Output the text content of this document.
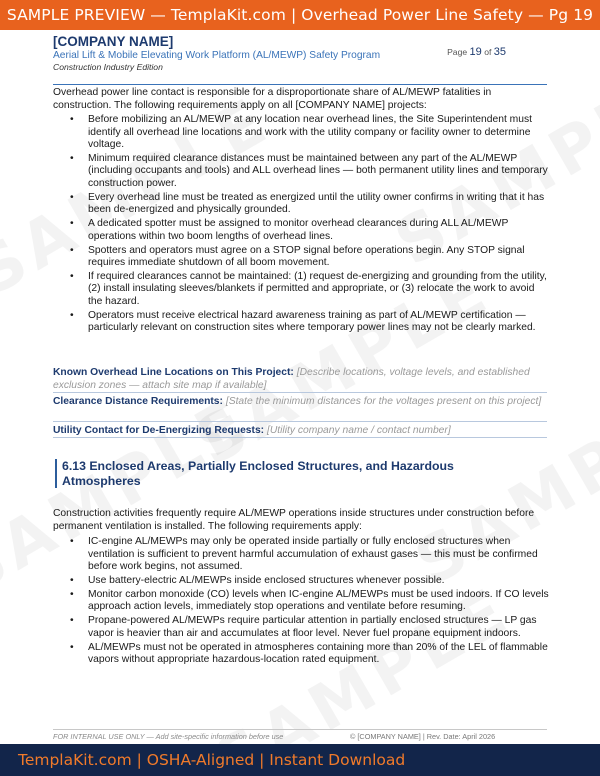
SAMPLE PREVIEW — TemplaKit.com | Overhead Power Line Safety — Pg 19
[COMPANY NAME]
Aerial Lift & Mobile Elevating Work Platform (AL/MEWP) Safety Program
Construction Industry Edition
Page 19 of 35
Overhead power line contact is responsible for a disproportionate share of AL/MEWP fatalities in construction. The following requirements apply on all [COMPANY NAME] projects:
• Before mobilizing an AL/MEWP at any location near overhead lines, the Site Superintendent must identify all overhead line locations and work with the utility company or facility owner to determine voltage.
• Minimum required clearance distances must be maintained between any part of the AL/MEWP (including occupants and tools) and ALL overhead lines — both permanent utility lines and temporary construction power.
• Every overhead line must be treated as energized until the utility owner confirms in writing that it has been de-energized and physically grounded.
• A dedicated spotter must be assigned to monitor overhead clearances during ALL AL/MEWP operations within two boom lengths of overhead lines.
• Spotters and operators must agree on a STOP signal before operations begin. Any STOP signal requires immediate shutdown of all boom movement.
• If required clearances cannot be maintained: (1) request de-energizing and grounding from the utility, (2) install insulating sleeves/blankets if permitted and appropriate, or (3) relocate the work to avoid the hazard.
• Operators must receive electrical hazard awareness training as part of AL/MEWP certification — particularly relevant on construction sites where temporary power lines may not be clearly marked.
Known Overhead Line Locations on This Project: [Describe locations, voltage levels, and established exclusion zones — attach site map if available]
Clearance Distance Requirements: [State the minimum distances for the voltages present on this project]
Utility Contact for De-Energizing Requests: [Utility company name / contact number]
6.13 Enclosed Areas, Partially Enclosed Structures, and Hazardous Atmospheres
Construction activities frequently require AL/MEWP operations inside structures under construction before permanent ventilation is installed. The following requirements apply:
• IC-engine AL/MEWPs may only be operated inside partially or fully enclosed structures when ventilation is sufficient to prevent harmful accumulation of exhaust gases — this must be confirmed before work begins, not assumed.
• Use battery-electric AL/MEWPs inside enclosed structures whenever possible.
• Monitor carbon monoxide (CO) levels when IC-engine AL/MEWPs must be used indoors. If CO levels approach action levels, immediately stop operations and ventilate before resuming.
• Propane-powered AL/MEWPs require particular attention in partially enclosed structures — LP gas vapor is heavier than air and accumulates at floor level. Never fuel propane equipment indoors.
• AL/MEWPs must not be operated in atmospheres containing more than 20% of the LEL of flammable vapors without appropriate hazardous-location rated equipment.
FOR INTERNAL USE ONLY — Add site-specific information before use	© [COMPANY NAME] | Rev. Date: April 2026
TemplaKit.com | OSHA-Aligned | Instant Download
